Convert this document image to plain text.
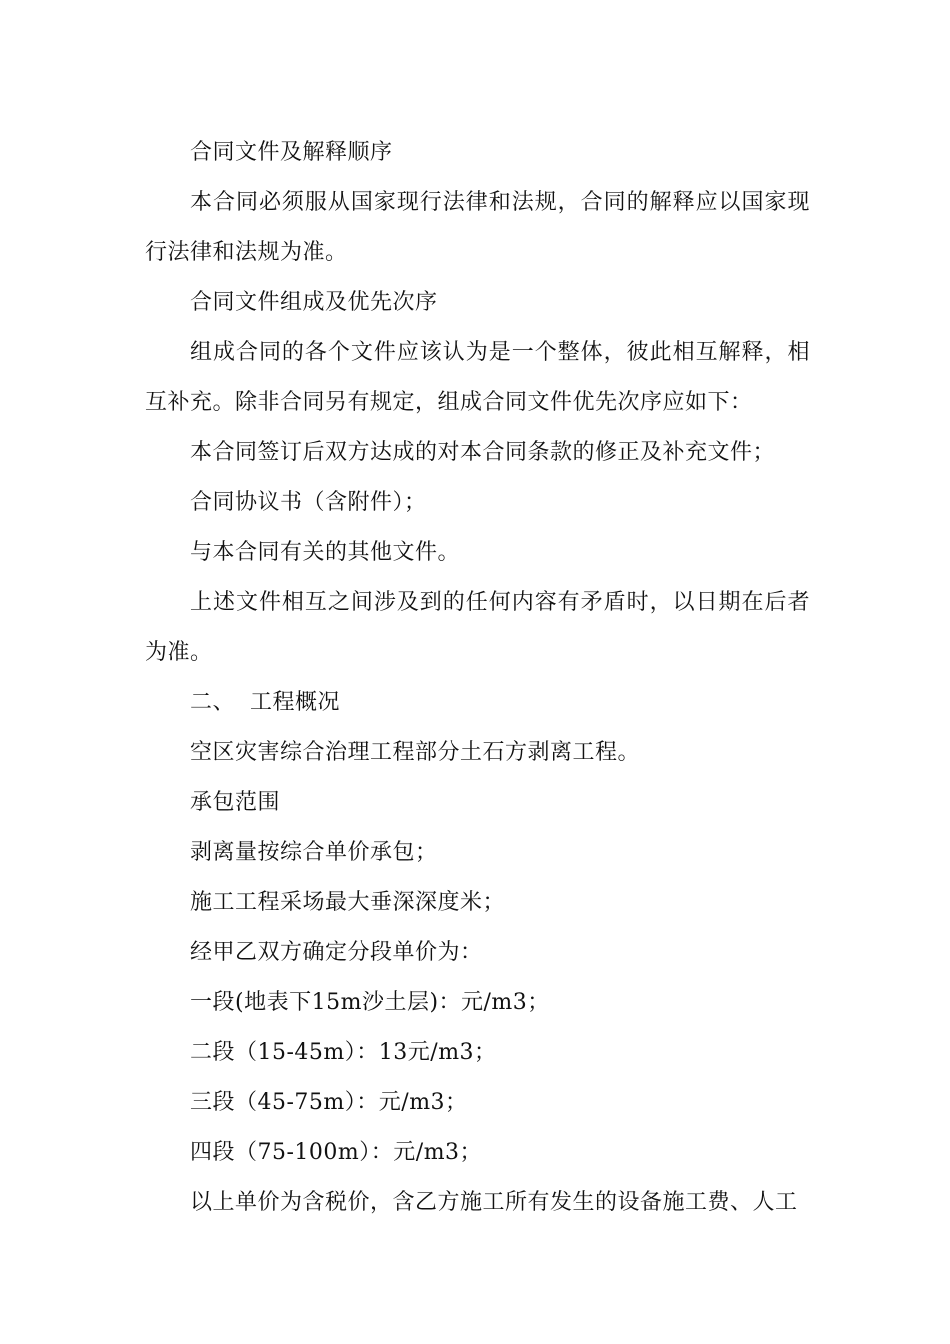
合同文件及解释顺序

本合同必须服从国家现行法律和法规，合同的解释应以国家现行法律和法规为准。

合同文件组成及优先次序

组成合同的各个文件应该认为是一个整体，彼此相互解释，相互补充。除非合同另有规定，组成合同文件优先次序应如下：

本合同签订后双方达成的对本合同条款的修正及补充文件；

合同协议书（含附件）；

与本合同有关的其他文件。

上述文件相互之间涉及到的任何内容有矛盾时，以日期在后者为准。

二、  工程概况

空区灾害综合治理工程部分土石方剥离工程。

承包范围

剥离量按综合单价承包；

施工工程采场最大垂深深度米；

经甲乙双方确定分段单价为：

一段(地表下15m沙土层)：元/m3；

二段（15-45m）：13元/m3；

三段（45-75m）：元/m3；

四段（75-100m）：元/m3；

以上单价为含税价，含乙方施工所有发生的设备施工费、人工
